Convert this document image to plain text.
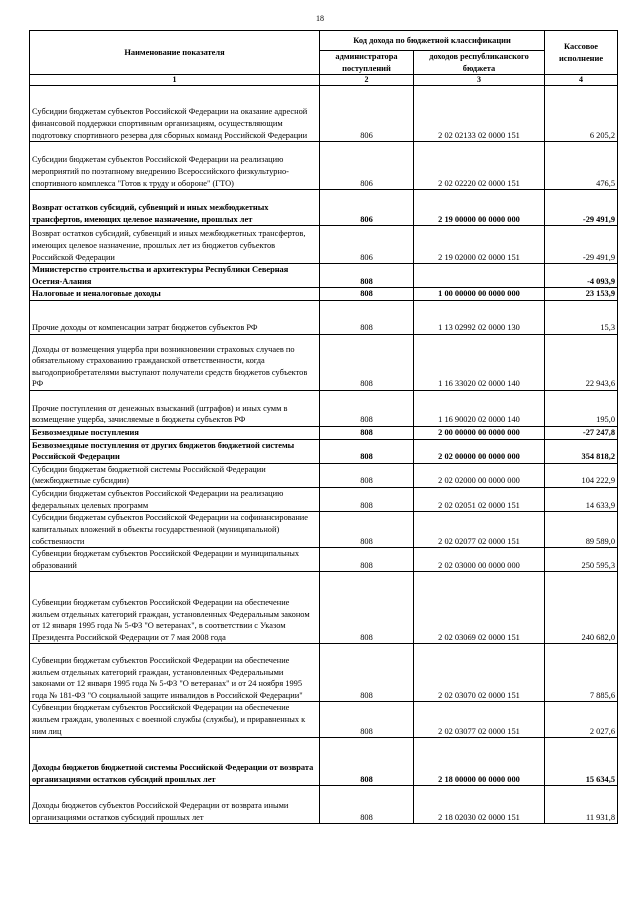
18
Наименование показателя	Код дохода по бюджетной классификации		Кассовое исполнение
	администратора поступлений	доходов республиканского бюджета	
1	2	3	4
Субсидии бюджетам субъектов Российской Федерации на оказание адресной финансовой поддержки спортивным организациям, осуществляющим подготовку спортивного резерва для сборных команд Российской Федерации	806	2 02 02133 02 0000 151	6 205,2
Субсидии бюджетам субъектов Российской Федерации на реализацию мероприятий по поэтапному внедрению Всероссийского физкультурно-спортивного комплекса "Готов к труду и обороне" (ГТО)	806	2 02 02220 02 0000 151	476,5
Возврат остатков субсидий, субвенций и иных межбюджетных трансфертов, имеющих целевое назначение, прошлых лет	806	2 19 00000 00 0000 000	-29 491,9
Возврат остатков субсидий, субвенций и иных межбюджетных трансфертов, имеющих целевое назначение, прошлых лет из бюджетов субъектов Российской Федерации	806	2 19 02000 02 0000 151	-29 491,9
Министерство строительства и архитектуры Республики Северная Осетия-Алания	808		-4 093,9
Налоговые и неналоговые доходы	808	1 00 00000 00 0000 000	23 153,9
Прочие доходы от компенсации затрат бюджетов субъектов РФ	808	1 13 02992 02 0000 130	15,3
Доходы от возмещения ущерба при возникновении страховых случаев по обязательному страхованию гражданской ответственности, когда выгодоприобретателями выступают получатели средств бюджетов субъектов РФ	808	1 16 33020 02 0000 140	22 943,6
Прочие поступления от денежных взысканий (штрафов) и иных сумм в возмещение ущерба, зачисляемые в бюджеты субъектов РФ	808	1 16 90020 02 0000 140	195,0
Безвозмездные поступления	808	2 00 00000 00 0000 000	-27 247,8
Безвозмездные поступления от других бюджетов бюджетной системы Российской Федерации	808	2 02 00000 00 0000 000	354 818,2
Субсидии бюджетам бюджетной системы Российской Федерации (межбюджетные субсидии)	808	2 02 02000 00 0000 000	104 222,9
Субсидии бюджетам субъектов Российской Федерации на реализацию федеральных целевых программ	808	2 02 02051 02 0000 151	14 633,9
Субсидии бюджетам субъектов Российской Федерации на софинансирование капитальных вложений в объекты государственной (муниципальной) собственности	808	2 02 02077 02 0000 151	89 589,0
Субвенции бюджетам субъектов Российской Федерации и муниципальных образований	808	2 02 03000 00 0000 000	250 595,3
Субвенции бюджетам субъектов Российской Федерации на обеспечение жильем отдельных категорий граждан, установленных Федеральным законом от 12 января 1995 года № 5-ФЗ "О ветеранах", в соответствии с Указом Президента Российской Федерации от 7 мая 2008 года	808	2 02 03069 02 0000 151	240 682,0
Субвенции бюджетам субъектов Российской Федерации на обеспечение жильем отдельных категорий граждан, установленных Федеральными законами от 12 января 1995 года № 5-ФЗ "О ветеранах" и от 24 ноября 1995 года № 181-ФЗ "О социальной защите инвалидов в Российской Федерации"	808	2 02 03070 02 0000 151	7 885,6
Субвенции бюджетам субъектов Российской Федерации на обеспечение жильем граждан, уволенных с военной службы (службы), и приравненных к ним лиц	808	2 02 03077 02 0000 151	2 027,6
Доходы бюджетов бюджетной системы Российской Федерации от возврата организациями остатков субсидий прошлых лет	808	2 18 00000 00 0000 000	15 634,5
Доходы бюджетов субъектов Российской Федерации от возврата иными организациями остатков субсидий прошлых лет	808	2 18 02030 02 0000 151	11 931,8
